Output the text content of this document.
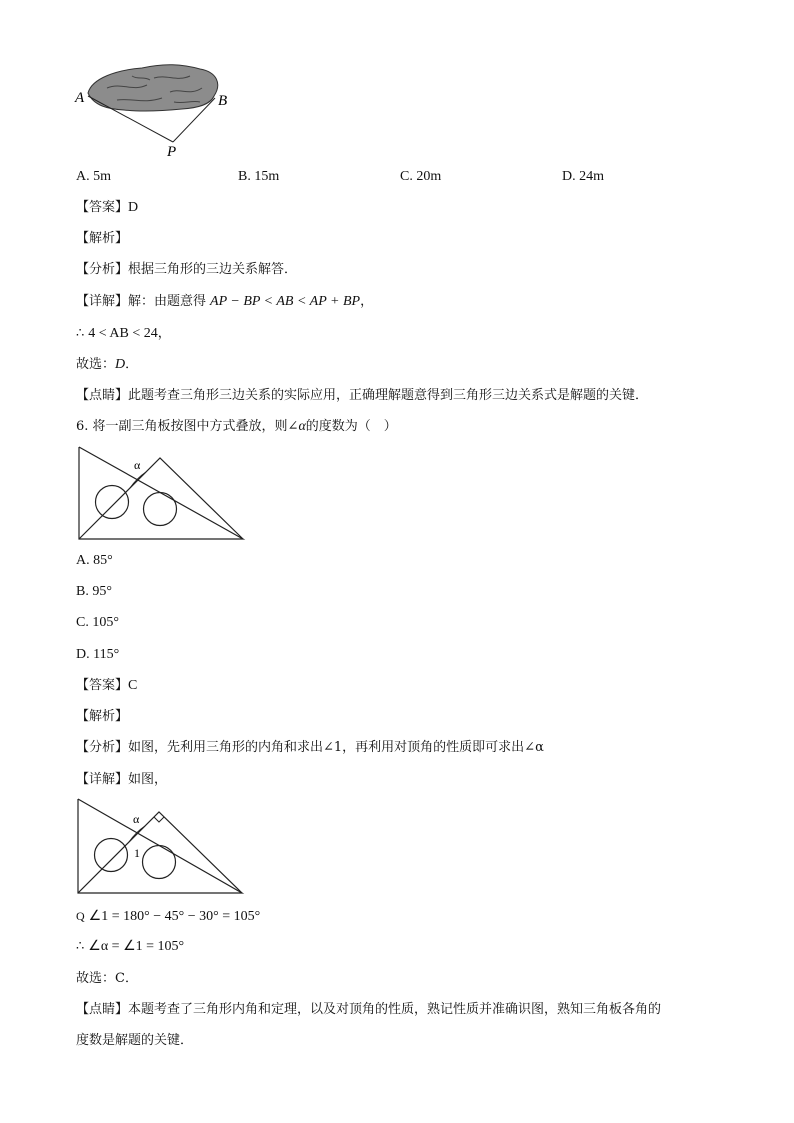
A	B
P
A. 5m	B. 15m	C. 20m	D. 24m
【答案】D
【解析】
【分析】根据三角形的三边关系解答．
【详解】解：由题意得 AP − BP < AB < AP + BP，
∴ 4 < AB < 24，
故选：D．
【点睛】此题考查三角形三边关系的实际应用，正确理解题意得到三角形三边关系式是解题的关键．
6. 将一副三角板按图中方式叠放，则∠α的度数为（　）
α
A. 85°
B. 95°
C. 105°
D. 115°
【答案】C
【解析】
【分析】如图，先利用三角形的内角和求出∠1，再利用对顶角的性质即可求出∠α
【详解】如图，
α
1
Q ∠1 = 180° − 45° − 30° = 105°
∴ ∠α = ∠1 = 105°
故选：C．
【点睛】本题考查了三角形内角和定理，以及对顶角的性质，熟记性质并准确识图，熟知三角板各角的
度数是解题的关键．
